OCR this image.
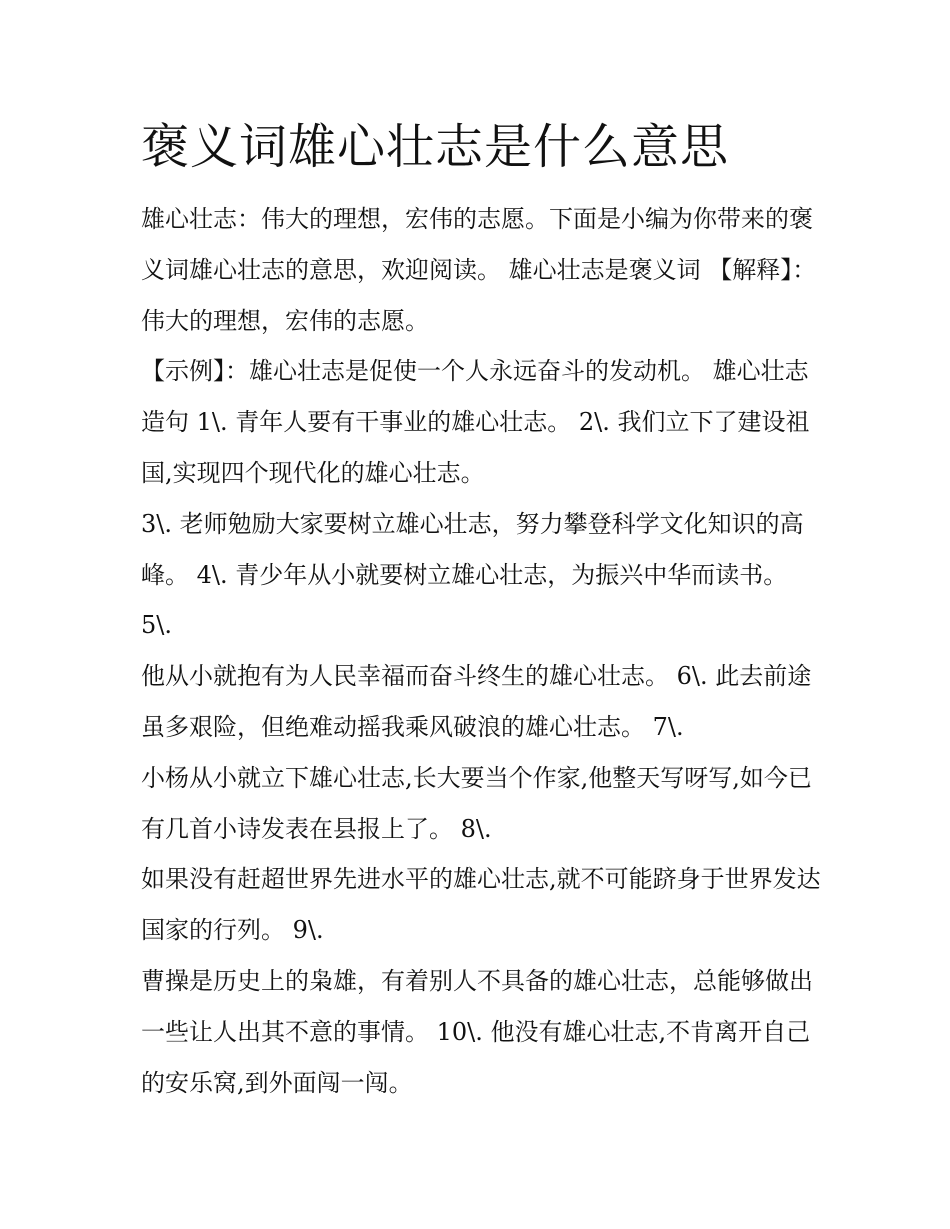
褒义词雄心壮志是什么意思

雄心壮志：伟大的理想，宏伟的志愿。下面是小编为你带来的褒义词雄心壮志的意思，欢迎阅读。 雄心壮志是褒义词 【解释】：伟大的理想，宏伟的志愿。

【示例】：雄心壮志是促使一个人永远奋斗的发动机。 雄心壮志造句 1\. 青年人要有干事业的雄心壮志。 2\. 我们立下了建设祖国,实现四个现代化的雄心壮志。

3\. 老师勉励大家要树立雄心壮志，努力攀登科学文化知识的高峰。 4\. 青少年从小就要树立雄心壮志，为振兴中华而读书。 5\.

他从小就抱有为人民幸福而奋斗终生的雄心壮志。 6\. 此去前途虽多艰险，但绝难动摇我乘风破浪的雄心壮志。 7\.

小杨从小就立下雄心壮志,长大要当个作家,他整天写呀写,如今已有几首小诗发表在县报上了。 8\.

如果没有赶超世界先进水平的雄心壮志,就不可能跻身于世界发达国家的行列。 9\.

曹操是历史上的枭雄，有着别人不具备的雄心壮志，总能够做出一些让人出其不意的事情。 10\. 他没有雄心壮志,不肯离开自己的安乐窝,到外面闯一闯。
